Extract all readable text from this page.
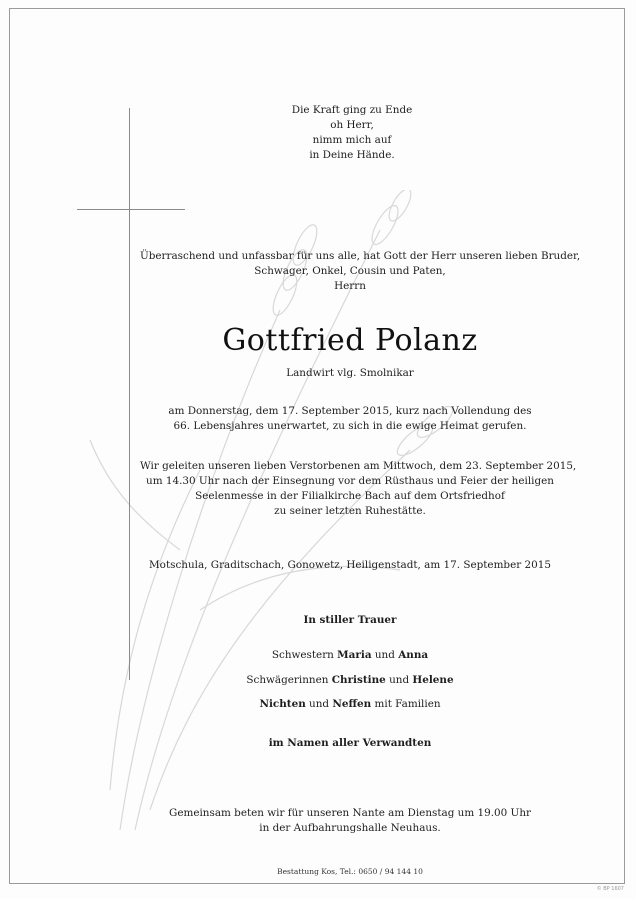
Die Kraft ging zu Ende
oh Herr,
nimm mich auf
in Deine Hände.
Überraschend und unfassbar für uns alle, hat Gott der Herr unseren lieben Bruder,
Schwager, Onkel, Cousin und Paten,
Herrn
Gottfried Polanz
Landwirt vlg. Smolnikar
am Donnerstag, dem 17. September 2015, kurz nach Vollendung des
66. Lebensjahres unerwartet, zu sich in die ewige Heimat gerufen.
Wir geleiten unseren lieben Verstorbenen am Mittwoch, dem 23. September 2015,
um 14.30 Uhr nach der Einsegnung vor dem Rüsthaus und Feier der heiligen
Seelenmesse in der Filialkirche Bach auf dem Ortsfriedhof
zu seiner letzten Ruhestätte.
Motschula, Graditschach, Gonowetz, Heiligenstadt, am 17. September 2015
In stiller Trauer
Schwestern Maria und Anna
Schwägerinnen Christine und Helene
Nichten und Neffen mit Familien
im Namen aller Verwandten
Gemeinsam beten wir für unseren Nante am Dienstag um 19.00 Uhr
in der Aufbahrungshalle Neuhaus.
Bestattung Kos, Tel.: 0650 / 94 144 10
© BP 1607
